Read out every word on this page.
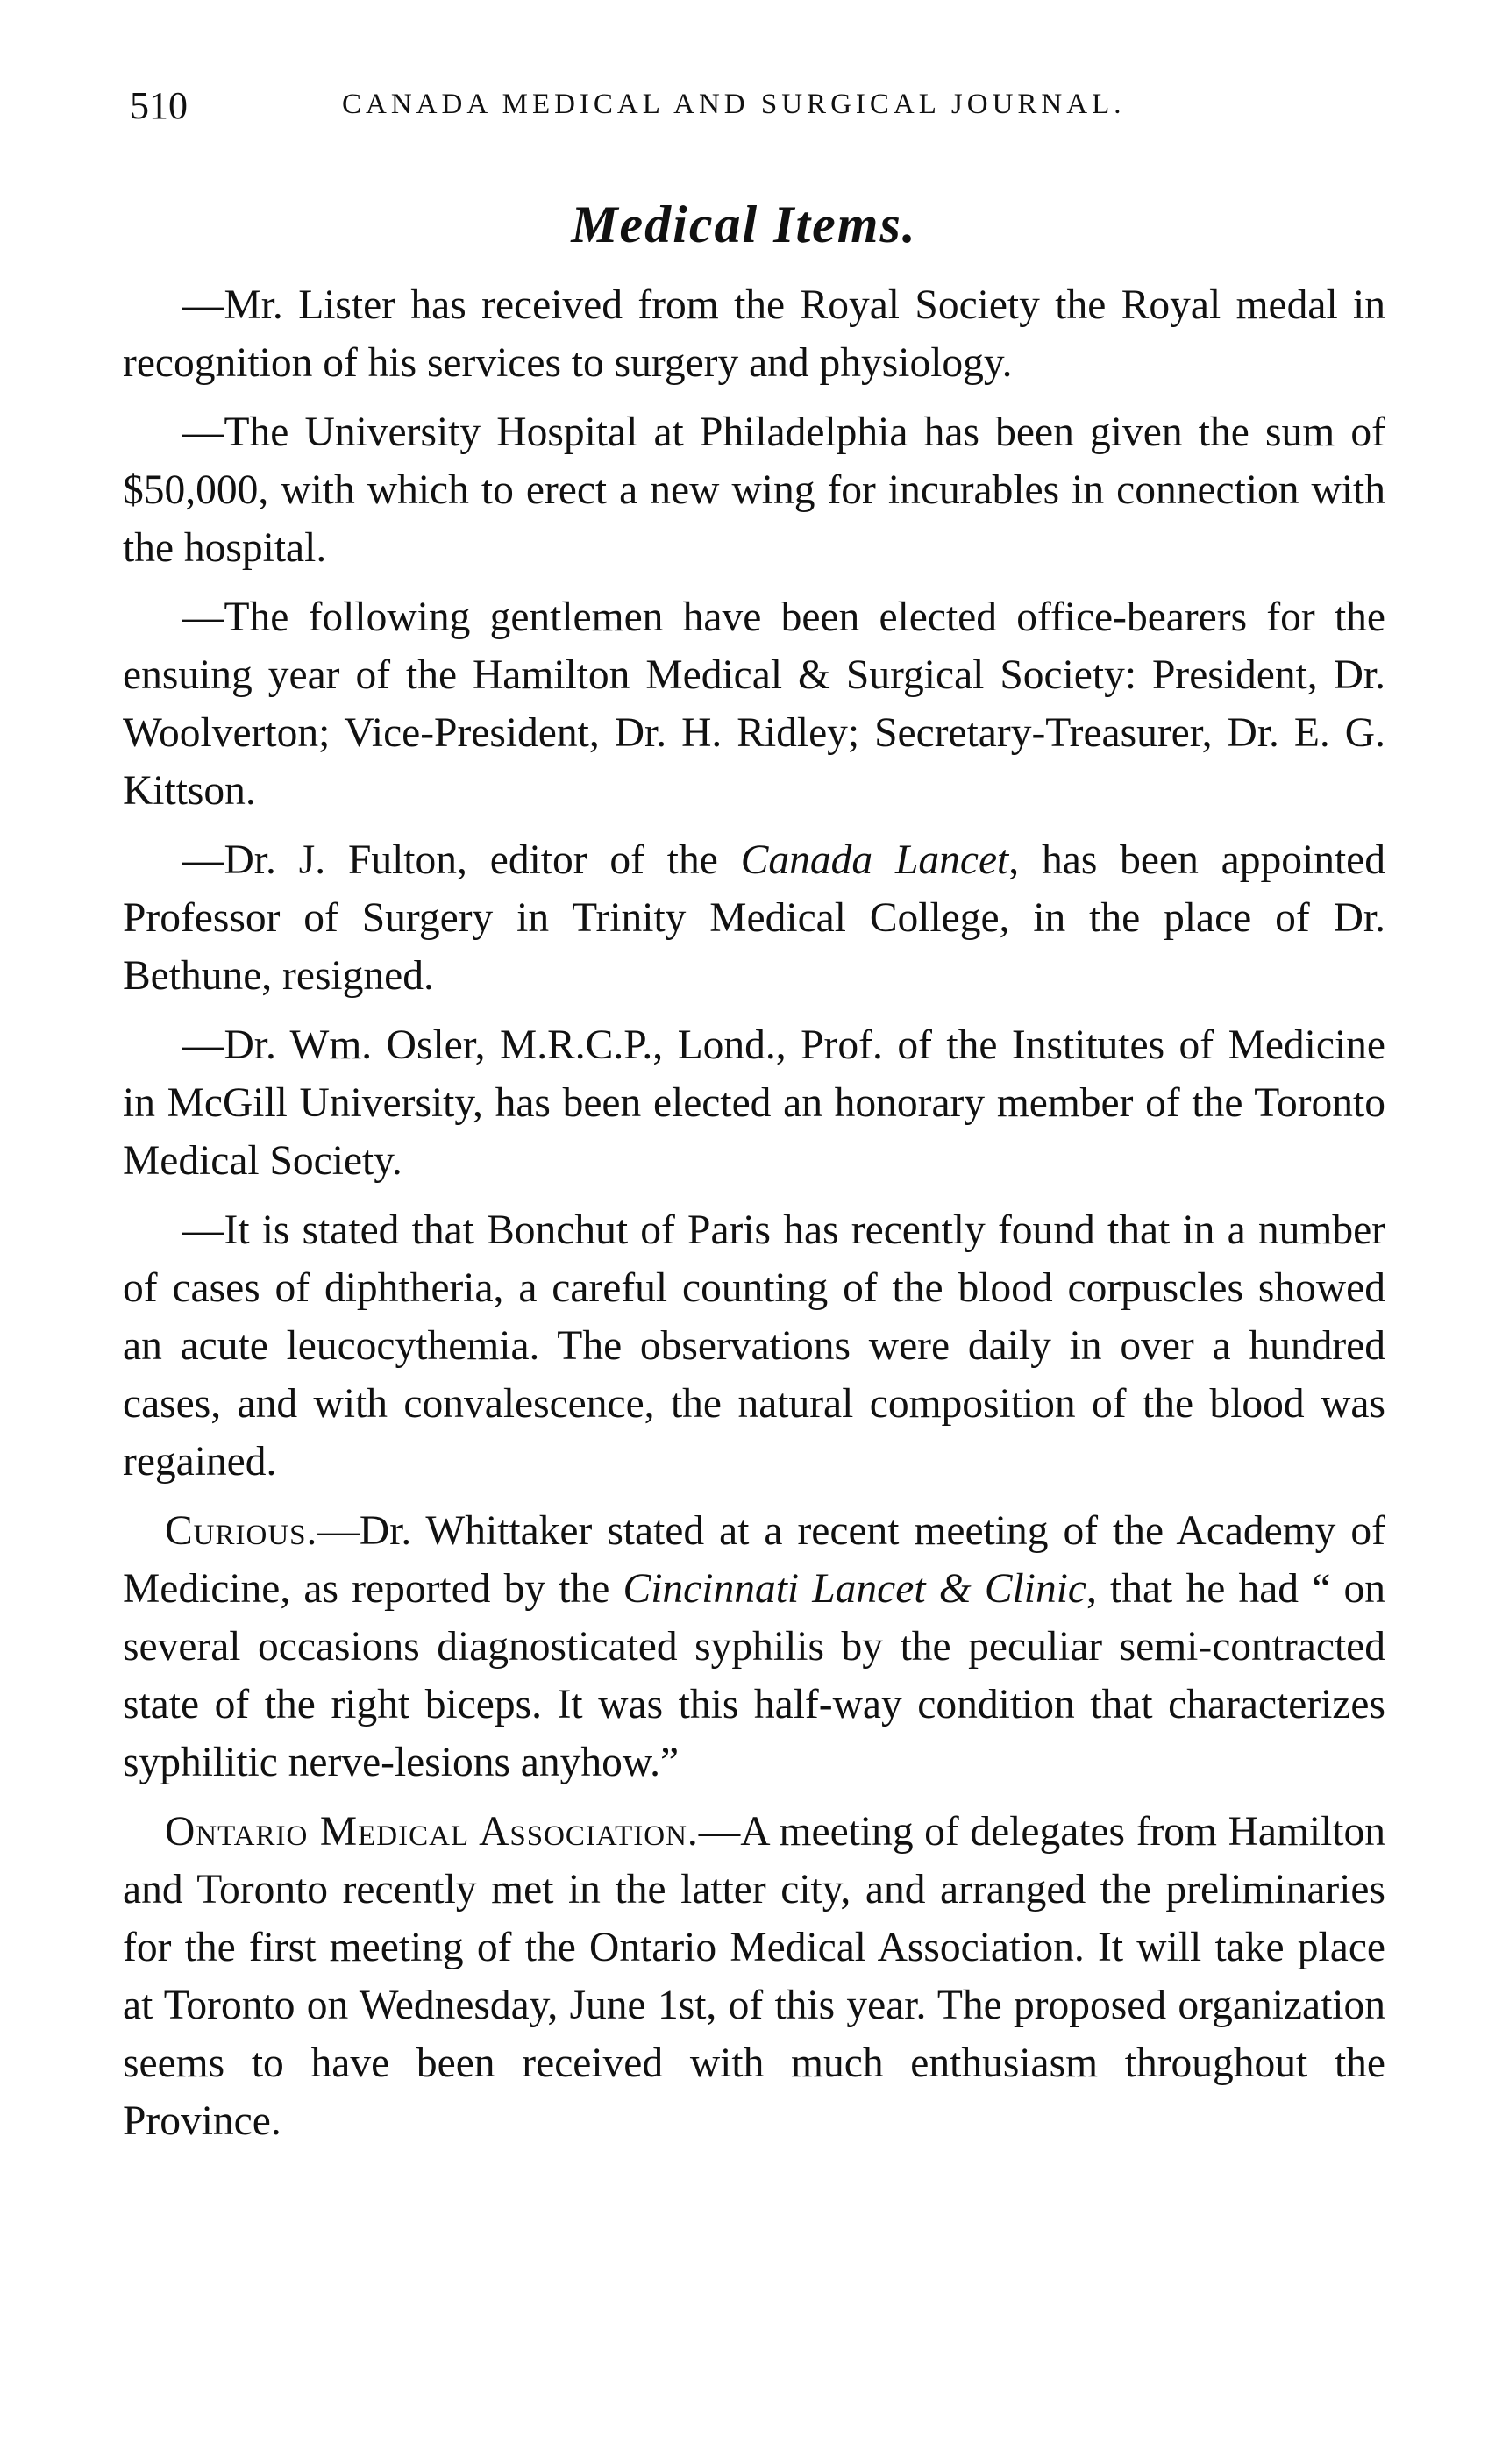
510	CANADA MEDICAL AND SURGICAL JOURNAL.
Medical Items.

—Mr. Lister has received from the Royal Society the Royal medal in recognition of his services to surgery and physiology.

—The University Hospital at Philadelphia has been given the sum of $50,000, with which to erect a new wing for incurables in connection with the hospital.

—The following gentlemen have been elected office-bearers for the ensuing year of the Hamilton Medical & Surgical Society: President, Dr. Woolverton; Vice-President, Dr. H. Ridley; Secretary-Treasurer, Dr. E. G. Kittson.

—Dr. J. Fulton, editor of the Canada Lancet, has been appointed Professor of Surgery in Trinity Medical College, in the place of Dr. Bethune, resigned.

—Dr. Wm. Osler, M.R.C.P., Lond., Prof. of the Institutes of Medicine in McGill University, has been elected an honorary member of the Toronto Medical Society.

—It is stated that Bonchut of Paris has recently found that in a number of cases of diphtheria, a careful counting of the blood corpuscles showed an acute leucocythemia. The observations were daily in over a hundred cases, and with convalescence, the natural composition of the blood was regained.

Curious.—Dr. Whittaker stated at a recent meeting of the Academy of Medicine, as reported by the Cincinnati Lancet & Clinic, that he had “ on several occasions diagnosticated syphilis by the peculiar semi-contracted state of the right biceps. It was this half-way condition that characterizes syphilitic nerve-lesions anyhow.”

Ontario Medical Association.—A meeting of delegates from Hamilton and Toronto recently met in the latter city, and arranged the preliminaries for the first meeting of the Ontario Medical Association. It will take place at Toronto on Wednesday, June 1st, of this year. The proposed organization seems to have been received with much enthusiasm throughout the Province.
